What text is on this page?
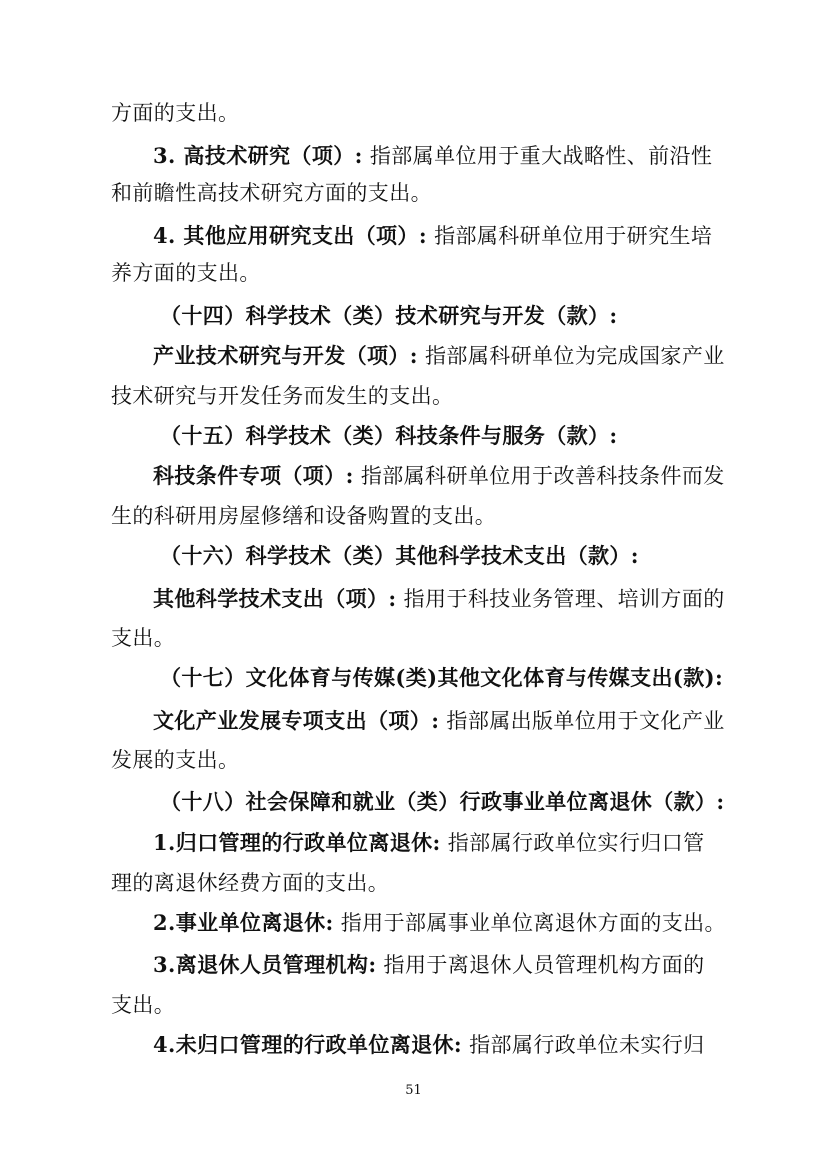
方面的支出。
3. 高技术研究（项）: 指部属单位用于重大战略性、前沿性
和前瞻性高技术研究方面的支出。
4. 其他应用研究支出（项）: 指部属科研单位用于研究生培
养方面的支出。
（十四）科学技术（类）技术研究与开发（款）:
产业技术研究与开发（项）: 指部属科研单位为完成国家产业
技术研究与开发任务而发生的支出。
（十五）科学技术（类）科技条件与服务（款）:
科技条件专项（项）: 指部属科研单位用于改善科技条件而发
生的科研用房屋修缮和设备购置的支出。
（十六）科学技术（类）其他科学技术支出（款）:
其他科学技术支出（项）: 指用于科技业务管理、培训方面的
支出。
（十七）文化体育与传媒(类)其他文化体育与传媒支出(款):
文化产业发展专项支出（项）: 指部属出版单位用于文化产业
发展的支出。
（十八）社会保障和就业（类）行政事业单位离退休（款）:
1.归口管理的行政单位离退休: 指部属行政单位实行归口管
理的离退休经费方面的支出。
2.事业单位离退休: 指用于部属事业单位离退休方面的支出。
3.离退休人员管理机构: 指用于离退休人员管理机构方面的
支出。
4.未归口管理的行政单位离退休: 指部属行政单位未实行归
51
